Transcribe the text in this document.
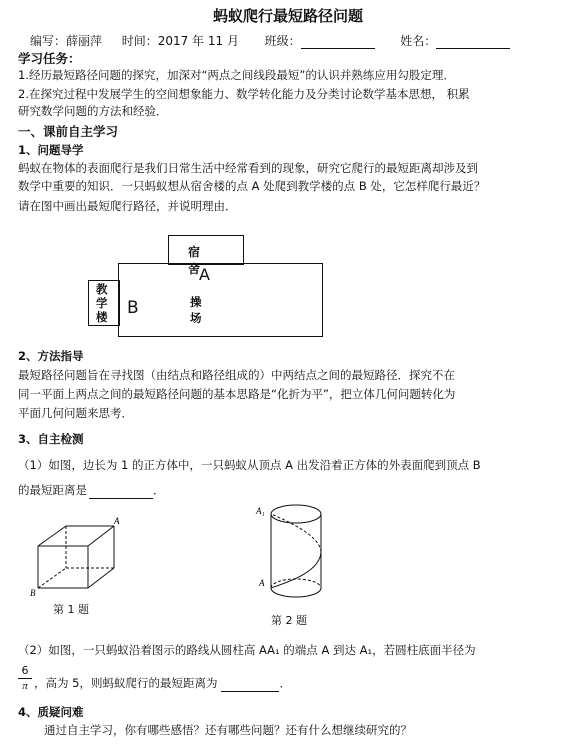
蚂蚁爬行最短路径问题
编写：薛丽萍 时间：2017 年 11 月 班级：	姓名：
学习任务：
1.经历最短路径问题的探究，加深对“两点之间线段最短”的认识并熟练应用勾股定理．
2.在探究过程中发展学生的空间想象能力、数学转化能力及分类讨论数学基本思想， 积累
研究数学问题的方法和经验．
一、课前自主学习
1、问题导学
蚂蚁在物体的表面爬行是我们日常生活中经常看到的现象，研究它爬行的最短距离却涉及到
数学中重要的知识．一只蚂蚁想从宿舍楼的点 A 处爬到教学楼的点 B 处，它怎样爬行最近？
请在图中画出最短爬行路径，并说明理由．
宿舍
教
学
楼
A
操场
B
2、方法指导
最短路径问题旨在寻找图（由结点和路径组成的）中两结点之间的最短路径．探究不在
同一平面上两点之间的最短路径问题的基本思路是“化折为平”，把立体几何问题转化为
平面几何问题来思考．
3、自主检测
（1）如图，边长为 1 的正方体中，一只蚂蚁从顶点 A 出发沿着正方体的外表面爬到顶点 B
的最短距离是	．
A
B
第 1 题
A₁
A
第 2 题
（2）如图，一只蚂蚁沿着图示的路线从圆柱高 AA₁ 的端点 A 到达 A₁，若圆柱底面半径为
6
π ，高为 5，则蚂蚁爬行的最短距离为	．
4、质疑问难
通过自主学习，你有哪些感悟？还有哪些问题？还有什么想继续研究的？
